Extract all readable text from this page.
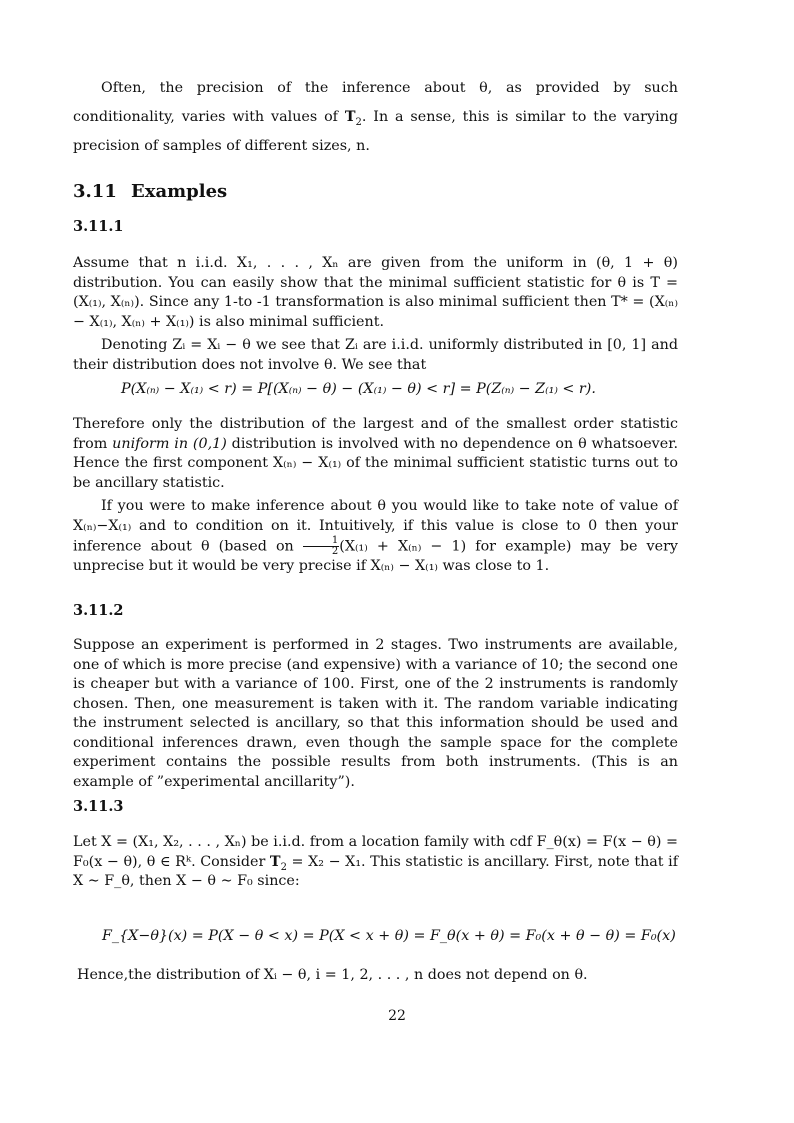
Often, the precision of the inference about θ, as provided by such conditionality, varies with values of $T_2$. In a sense, this is similar to the varying precision of samples of different sizes, n.
3.11 Examples
3.11.1
Assume that n i.i.d. X₁, . . . , Xₙ are given from the uniform in (θ, 1 + θ) distribution. You can easily show that the minimal sufficient statistic for θ is T = (X₍₁₎, X₍ₙ₎). Since any 1-to -1 transformation is also minimal sufficient then T* = (X₍ₙ₎ − X₍₁₎, X₍ₙ₎ + X₍₁₎) is also minimal sufficient.
Denoting Zᵢ = Xᵢ − θ we see that Zᵢ are i.i.d. uniformly distributed in [0, 1] and their distribution does not involve θ. We see that
P(X₍ₙ₎ − X₍₁₎ < r) = P[(X₍ₙ₎ − θ) − (X₍₁₎ − θ) < r] = P(Z₍ₙ₎ − Z₍₁₎ < r).
Therefore only the distribution of the largest and of the smallest order statistic from uniform in (0,1) distribution is involved with no dependence on θ whatsoever. Hence the first component X₍ₙ₎ − X₍₁₎ of the minimal sufficient statistic turns out to be ancillary statistic.
If you were to make inference about θ you would like to take note of value of X₍ₙ₎−X₍₁₎ and to condition on it. Intuitively, if this value is close to 0 then your inference about θ (based on $\frac{1}{2} (X_{(1)} + X_{(n)} - 1)$ for example) may be very unprecise but it would be very precise if X₍ₙ₎ − X₍₁₎ was close to 1.
3.11.2
Suppose an experiment is performed in 2 stages. Two instruments are available, one of which is more precise (and expensive) with a variance of 10; the second one is cheaper but with a variance of 100. First, one of the 2 instruments is randomly chosen. Then, one measurement is taken with it. The random variable indicating the instrument selected is ancillary, so that this information should be used and conditional inferences drawn, even though the sample space for the complete experiment contains the possible results from both instruments. (This is an example of ”experimental ancillarity”).
3.11.3
Let X = (X₁, X₂, . . . , Xₙ) be i.i.d. from a location family with cdf F_θ(x) = F(x − θ) = F₀(x − θ), θ ∈ Rᵏ. Consider $T_2 = X_2 - X_1$. This statistic is ancillary. First, note that if X ∼ F_θ, then X − θ ∼ F₀ since:
F_{X−θ}(x) = P(X − θ < x) = P(X < x + θ) = F_θ(x + θ) = F₀(x + θ − θ) = F₀(x)
Hence,the distribution of Xᵢ − θ, i = 1, 2, . . . , n does not depend on θ.
22
